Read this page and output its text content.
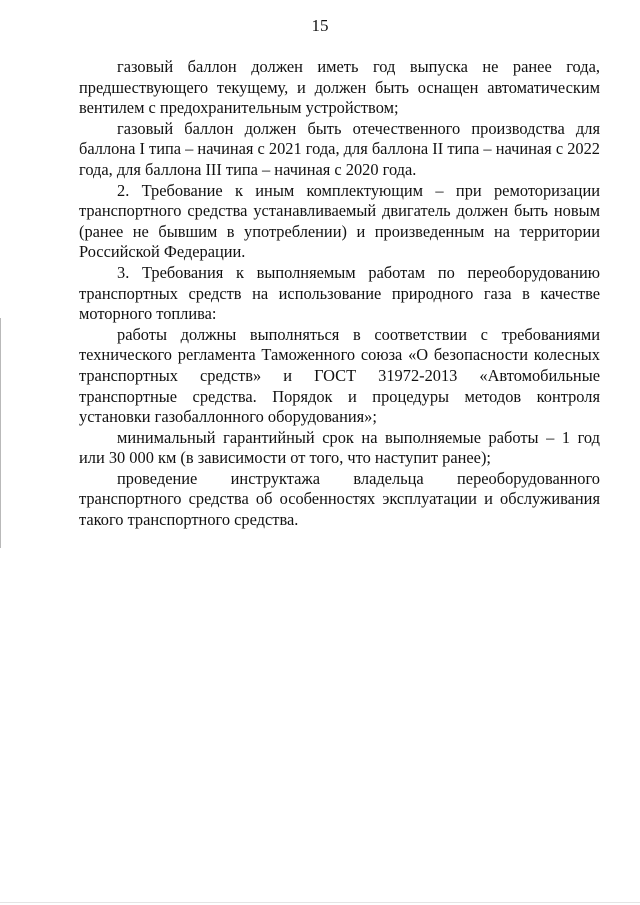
15

газовый баллон должен иметь год выпуска не ранее года, предшествующего текущему, и должен быть оснащен автоматическим вентилем с предохранительным устройством;

газовый баллон должен быть отечественного производства для баллона I типа – начиная с 2021 года, для баллона II типа – начиная с 2022 года, для баллона III типа – начиная с 2020 года.

2. Требование к иным комплектующим – при ремоторизации транспортного средства устанавливаемый двигатель должен быть новым (ранее не бывшим в употреблении) и произведенным на территории Российской Федерации.

3. Требования к выполняемым работам по переоборудованию транспортных средств на использование природного газа в качестве моторного топлива:

работы должны выполняться в соответствии с требованиями технического регламента Таможенного союза «О безопасности колесных транспортных средств» и ГОСТ 31972-2013 «Автомобильные транспортные средства. Порядок и процедуры методов контроля установки газобаллонного оборудования»;

минимальный гарантийный срок на выполняемые работы – 1 год или 30 000 км (в зависимости от того, что наступит ранее);

проведение инструктажа владельца переоборудованного транспортного средства об особенностях эксплуатации и обслуживания такого транспортного средства.
